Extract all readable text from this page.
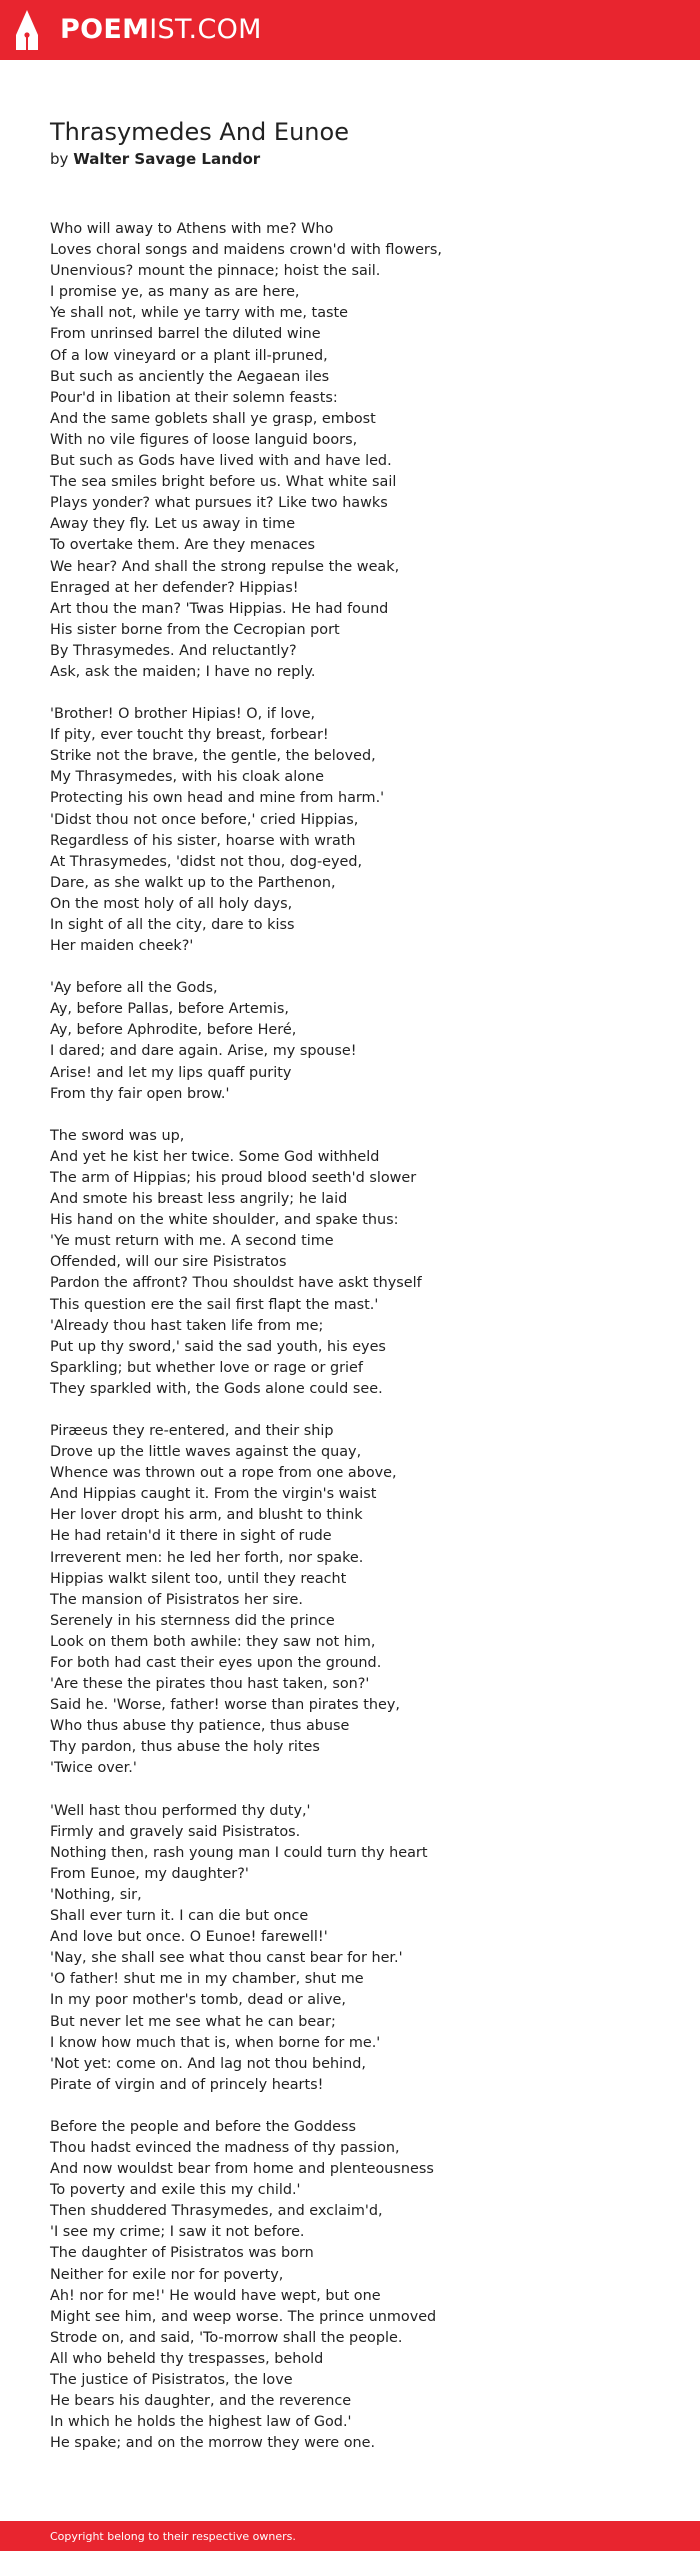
POEMIST.COM
Thrasymedes And Eunoe
by Walter Savage Landor
Who will away to Athens with me? Who
Loves choral songs and maidens crown'd with flowers,
Unenvious? mount the pinnace; hoist the sail.
I promise ye, as many as are here,
Ye shall not, while ye tarry with me, taste
From unrinsed barrel the diluted wine
Of a low vineyard or a plant ill-pruned,
But such as anciently the Aegaean iles
Pour'd in libation at their solemn feasts:
And the same goblets shall ye grasp, embost
With no vile figures of loose languid boors,
But such as Gods have lived with and have led.
The sea smiles bright before us. What white sail
Plays yonder? what pursues it? Like two hawks
Away they fly. Let us away in time
To overtake them. Are they menaces
We hear? And shall the strong repulse the weak,
Enraged at her defender? Hippias!
Art thou the man? 'Twas Hippias. He had found
His sister borne from the Cecropian port
By Thrasymedes. And reluctantly?
Ask, ask the maiden; I have no reply.
'Brother! O brother Hipias! O, if love,
If pity, ever toucht thy breast, forbear!
Strike not the brave, the gentle, the beloved,
My Thrasymedes, with his cloak alone
Protecting his own head and mine from harm.'
'Didst thou not once before,' cried Hippias,
Regardless of his sister, hoarse with wrath
At Thrasymedes, 'didst not thou, dog-eyed,
Dare, as she walkt up to the Parthenon,
On the most holy of all holy days,
In sight of all the city, dare to kiss
Her maiden cheek?'
'Ay before all the Gods,
Ay, before Pallas, before Artemis,
Ay, before Aphrodite, before Heré,
I dared; and dare again. Arise, my spouse!
Arise! and let my lips quaff purity
From thy fair open brow.'
The sword was up,
And yet he kist her twice. Some God withheld
The arm of Hippias; his proud blood seeth'd slower
And smote his breast less angrily; he laid
His hand on the white shoulder, and spake thus:
'Ye must return with me. A second time
Offended, will our sire Pisistratos
Pardon the affront? Thou shouldst have askt thyself
This question ere the sail first flapt the mast.'
'Already thou hast taken life from me;
Put up thy sword,' said the sad youth, his eyes
Sparkling; but whether love or rage or grief
They sparkled with, the Gods alone could see.
Piræeus they re-entered, and their ship
Drove up the little waves against the quay,
Whence was thrown out a rope from one above,
And Hippias caught it. From the virgin's waist
Her lover dropt his arm, and blusht to think
He had retain'd it there in sight of rude
Irreverent men: he led her forth, nor spake.
Hippias walkt silent too, until they reacht
The mansion of Pisistratos her sire.
Serenely in his sternness did the prince
Look on them both awhile: they saw not him,
For both had cast their eyes upon the ground.
'Are these the pirates thou hast taken, son?'
Said he. 'Worse, father! worse than pirates they,
Who thus abuse thy patience, thus abuse
Thy pardon, thus abuse the holy rites
'Twice over.'
'Well hast thou performed thy duty,'
Firmly and gravely said Pisistratos.
Nothing then, rash young man I could turn thy heart
From Eunoe, my daughter?'
'Nothing, sir,
Shall ever turn it. I can die but once
And love but once. O Eunoe! farewell!'
'Nay, she shall see what thou canst bear for her.'
'O father! shut me in my chamber, shut me
In my poor mother's tomb, dead or alive,
But never let me see what he can bear;
I know how much that is, when borne for me.'
'Not yet: come on. And lag not thou behind,
Pirate of virgin and of princely hearts!
Before the people and before the Goddess
Thou hadst evinced the madness of thy passion,
And now wouldst bear from home and plenteousness
To poverty and exile this my child.'
Then shuddered Thrasymedes, and exclaim'd,
'I see my crime; I saw it not before.
The daughter of Pisistratos was born
Neither for exile nor for poverty,
Ah! nor for me!' He would have wept, but one
Might see him, and weep worse. The prince unmoved
Strode on, and said, 'To-morrow shall the people.
All who beheld thy trespasses, behold
The justice of Pisistratos, the love
He bears his daughter, and the reverence
In which he holds the highest law of God.'
He spake; and on the morrow they were one.
Copyright belong to their respective owners.
